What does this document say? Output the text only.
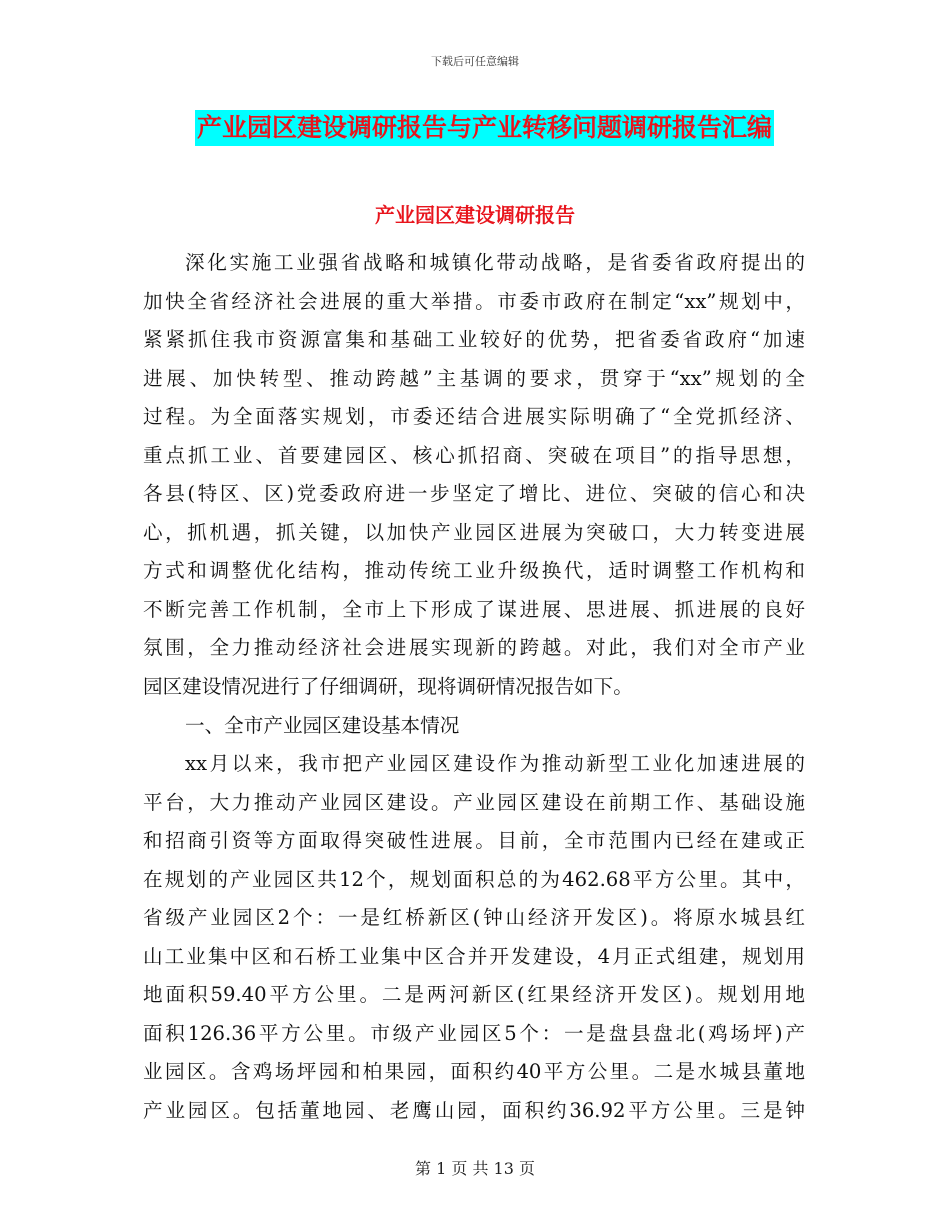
下载后可任意编辑
产业园区建设调研报告与产业转移问题调研报告汇编
产业园区建设调研报告
深化实施工业强省战略和城镇化带动战略，是省委省政府提出的
加快全省经济社会进展的重大举措。市委市政府在制定“xx”规划中，
紧紧抓住我市资源富集和基础工业较好的优势，把省委省政府“加速
进展、加快转型、推动跨越”主基调的要求，贯穿于“xx”规划的全
过程。为全面落实规划，市委还结合进展实际明确了“全党抓经济、
重点抓工业、首要建园区、核心抓招商、突破在项目”的指导思想，
各县(特区、区)党委政府进一步坚定了增比、进位、突破的信心和决
心，抓机遇，抓关键，以加快产业园区进展为突破口，大力转变进展
方式和调整优化结构，推动传统工业升级换代，适时调整工作机构和
不断完善工作机制，全市上下形成了谋进展、思进展、抓进展的良好
氛围，全力推动经济社会进展实现新的跨越。对此，我们对全市产业
园区建设情况进行了仔细调研，现将调研情况报告如下。
一、全市产业园区建设基本情况
xx月以来，我市把产业园区建设作为推动新型工业化加速进展的
平台，大力推动产业园区建设。产业园区建设在前期工作、基础设施
和招商引资等方面取得突破性进展。目前，全市范围内已经在建或正
在规划的产业园区共12个，规划面积总的为462.68平方公里。其中，
省级产业园区2个：一是红桥新区(钟山经济开发区)。将原水城县红
山工业集中区和石桥工业集中区合并开发建设，4月正式组建，规划用
地面积59.40平方公里。二是两河新区(红果经济开发区)。规划用地
面积126.36平方公里。市级产业园区5个：一是盘县盘北(鸡场坪)产
业园区。含鸡场坪园和柏果园，面积约40平方公里。二是水城县董地
产业园区。包括董地园、老鹰山园，面积约36.92平方公里。三是钟
第 1 页 共 13 页
